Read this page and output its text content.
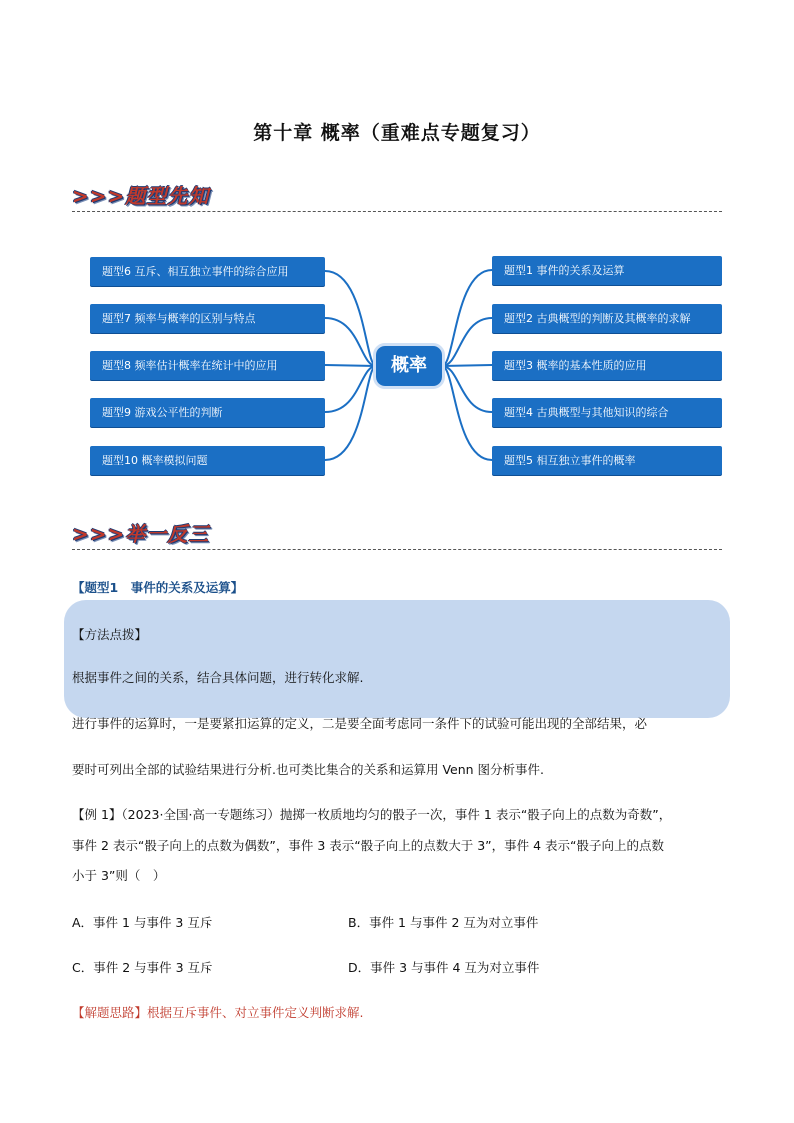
第十章 概率（重难点专题复习）
>>>题型先知
题型6 互斥、相互独立事件的综合应用
题型7 频率与概率的区别与特点
题型8 频率估计概率在统计中的应用
题型9 游戏公平性的判断
题型10 概率模拟问题
题型1 事件的关系及运算
题型2 古典概型的判断及其概率的求解
题型3 概率的基本性质的应用
题型4 古典概型与其他知识的综合
题型5 相互独立事件的概率
概率
>>>举一反三
【题型1　事件的关系及运算】
【方法点拨】
根据事件之间的关系，结合具体问题，进行转化求解.
进行事件的运算时，一是要紧扣运算的定义，二是要全面考虑同一条件下的试验可能出现的全部结果，必
要时可列出全部的试验结果进行分析.也可类比集合的关系和运算用 Venn 图分析事件.
【例 1】（2023·全国·高一专题练习）抛掷一枚质地均匀的骰子一次，事件 1 表示“骰子向上的点数为奇数”，
事件 2 表示“骰子向上的点数为偶数”，事件 3 表示“骰子向上的点数大于 3”，事件 4 表示“骰子向上的点数
小于 3”则（　）
A．事件 1 与事件 3 互斥	B．事件 1 与事件 2 互为对立事件
C．事件 2 与事件 3 互斥	D．事件 3 与事件 4 互为对立事件
【解题思路】根据互斥事件、对立事件定义判断求解.
